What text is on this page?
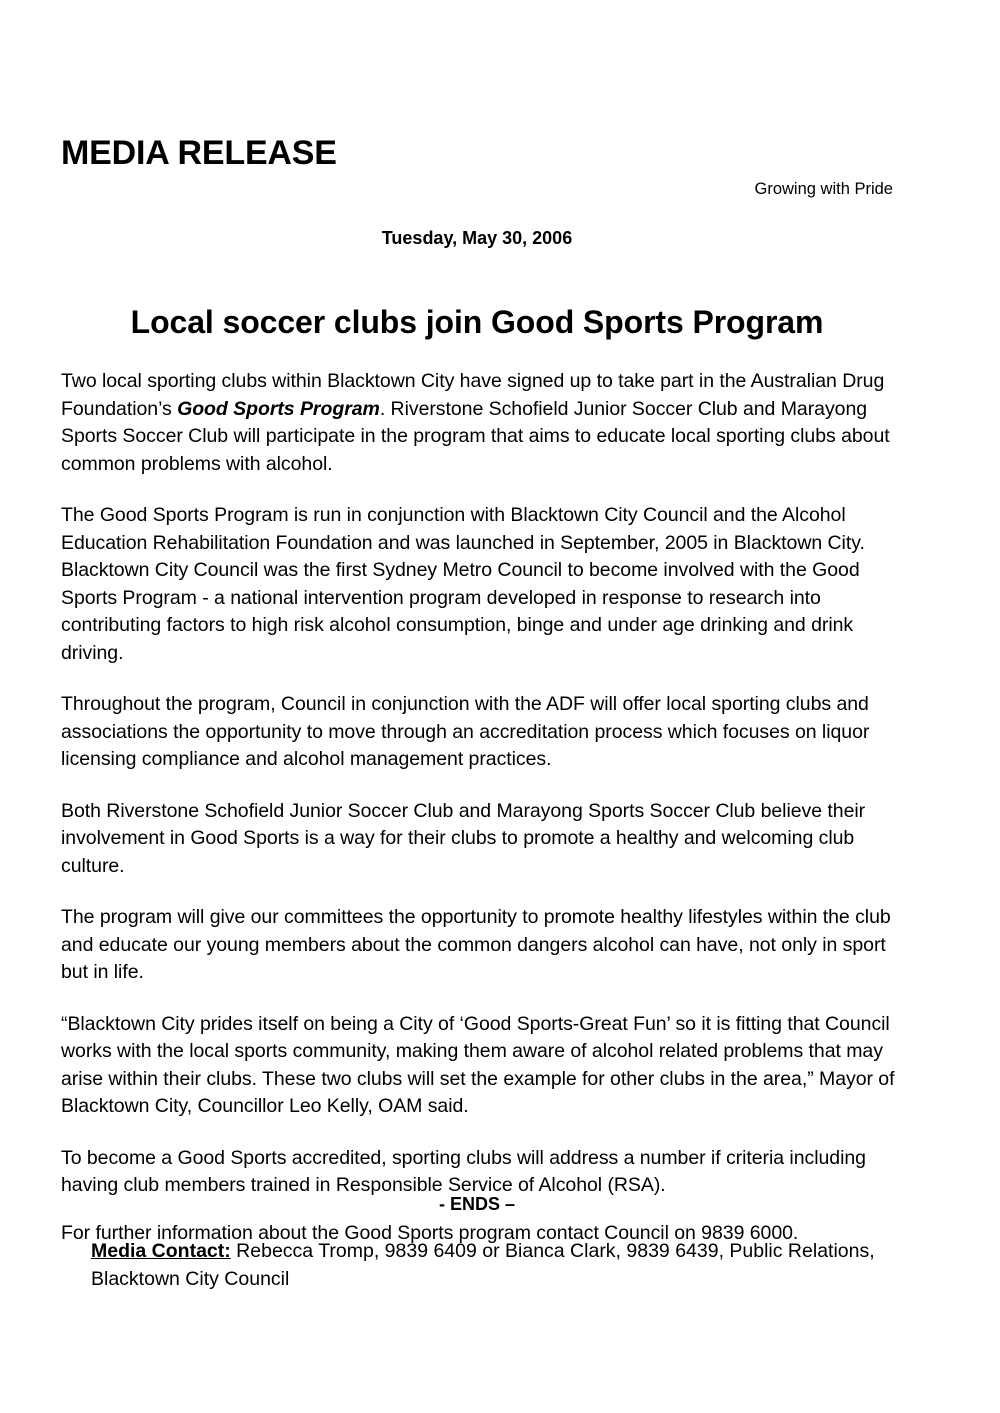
MEDIA RELEASE
Growing with Pride
Tuesday, May 30, 2006
Local soccer clubs join Good Sports Program

Two local sporting clubs within Blacktown City have signed up to take part in the Australian Drug Foundation’s Good Sports Program. Riverstone Schofield Junior Soccer Club and Marayong Sports Soccer Club will participate in the program that aims to educate local sporting clubs about common problems with alcohol.

The Good Sports Program is run in conjunction with Blacktown City Council and the Alcohol Education Rehabilitation Foundation and was launched in September, 2005 in Blacktown City. Blacktown City Council was the first Sydney Metro Council to become involved with the Good Sports Program - a national intervention program developed in response to research into contributing factors to high risk alcohol consumption, binge and under age drinking and drink driving.

Throughout the program, Council in conjunction with the ADF will offer local sporting clubs and associations the opportunity to move through an accreditation process which focuses on liquor licensing compliance and alcohol management practices.

Both Riverstone Schofield Junior Soccer Club and Marayong Sports Soccer Club believe their involvement in Good Sports is a way for their clubs to promote a healthy and welcoming club culture.

The program will give our committees the opportunity to promote healthy lifestyles within the club and educate our young members about the common dangers alcohol can have, not only in sport but in life.

“Blacktown City prides itself on being a City of ‘Good Sports-Great Fun’ so it is fitting that Council works with the local sports community, making them aware of alcohol related problems that may arise within their clubs. These two clubs will set the example for other clubs in the area,” Mayor of Blacktown City, Councillor Leo Kelly, OAM said.

To become a Good Sports accredited, sporting clubs will address a number if criteria including having club members trained in Responsible Service of Alcohol (RSA).

For further information about the Good Sports program contact Council on 9839 6000.

- ENDS –
Media Contact: Rebecca Tromp, 9839 6409 or Bianca Clark, 9839 6439, Public Relations, Blacktown City Council
